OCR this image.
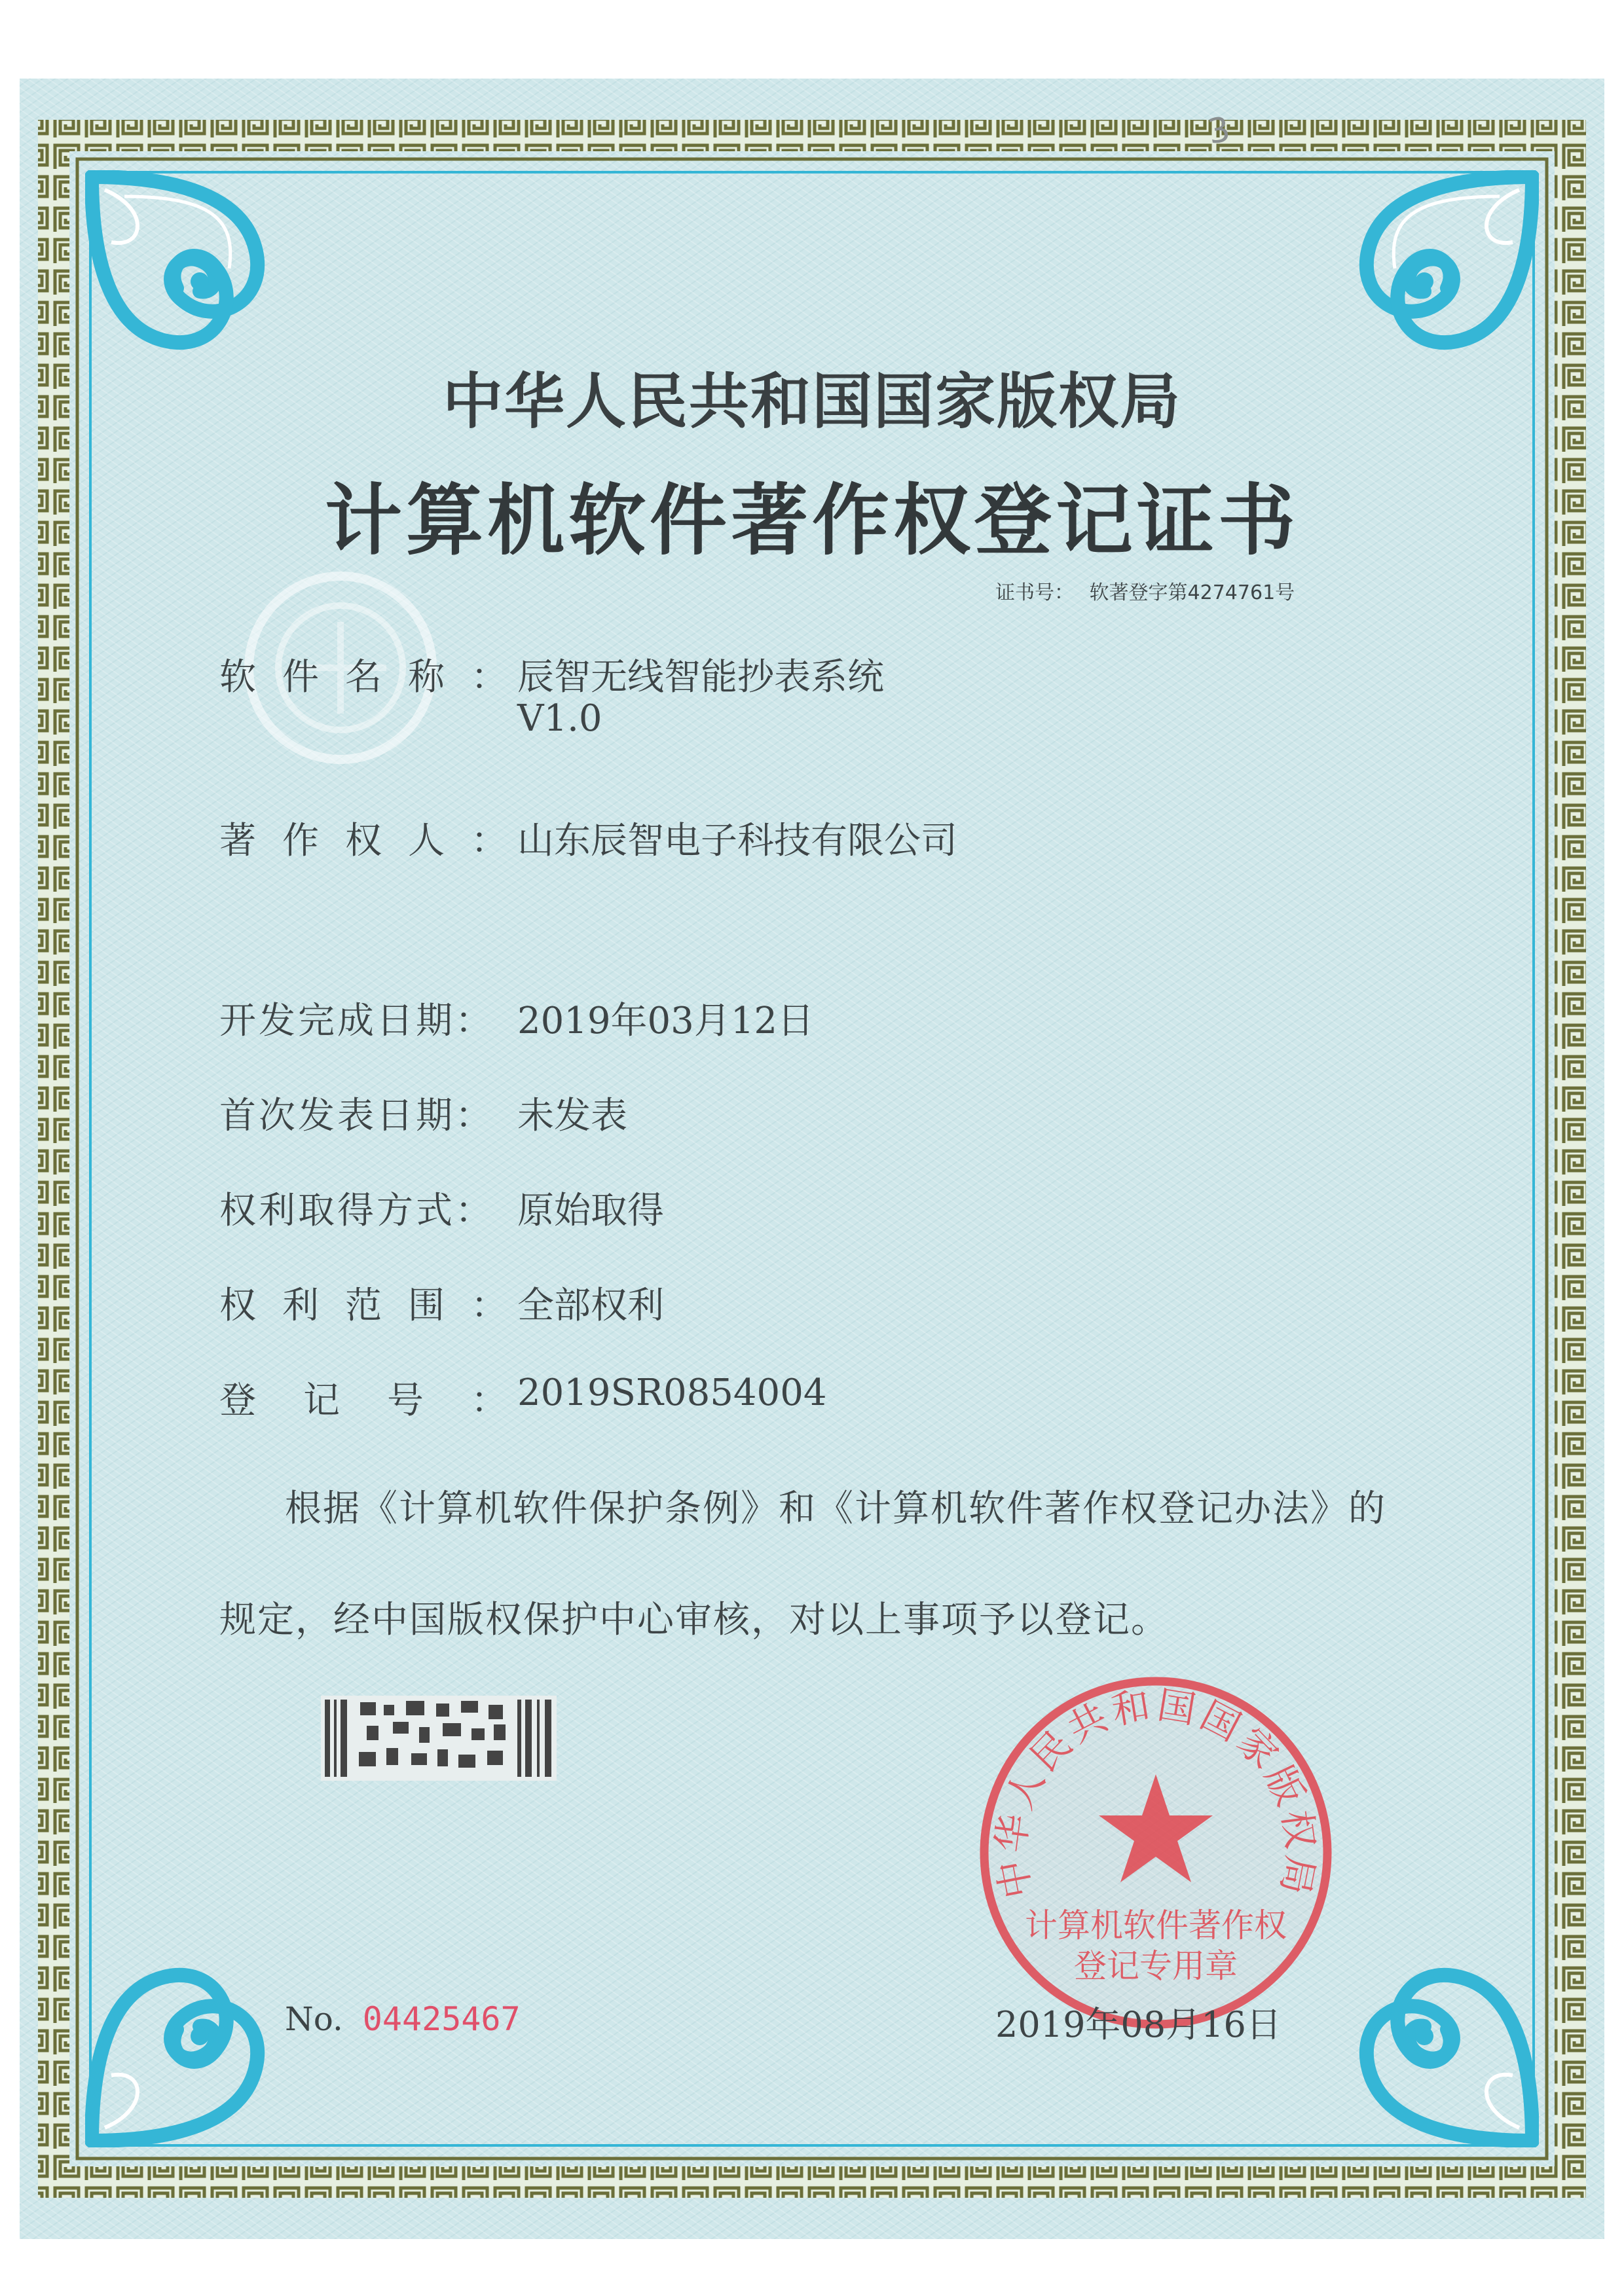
3
中华人民共和国国家版权局
计算机软件著作权登记证书
证书号： 软著登字第4274761号
软 件 名 称 ： 辰智无线智能抄表系统
V1.0
著 作 权 人 ： 山东辰智电子科技有限公司
开发完成日期： 2019年03月12日
首次发表日期： 未发表
权利取得方式： 原始取得
权 利 范 围 ： 全部权利
登 记 号 ： 2019SR0854004
根据《计算机软件保护条例》和《计算机软件著作权登记办法》的
规定，经中国版权保护中心审核，对以上事项予以登记。
中华人民共和国国家版权局
计算机软件著作权
登记专用章
No. 04425467	2019年08月16日
